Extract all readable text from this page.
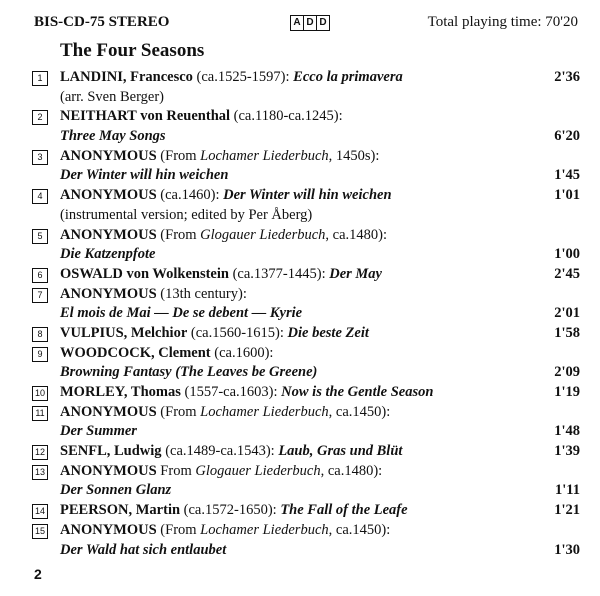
BIS-CD-75 STEREO	A D D	Total playing time: 70'20
The Four Seasons
1	LANDINI, Francesco (ca.1525-1597): Ecco la primavera	2'36
(arr. Sven Berger)
2	NEITHART von Reuenthal (ca.1180-ca.1245):
Three May Songs	6'20
3	ANONYMOUS (From Lochamer Liederbuch, 1450s):
Der Winter will hin weichen	1'45
4	ANONYMOUS (ca.1460): Der Winter will hin weichen	1'01
(instrumental version; edited by Per Åberg)
5	ANONYMOUS (From Glogauer Liederbuch, ca.1480):
Die Katzenpfote	1'00
6	OSWALD von Wolkenstein (ca.1377-1445): Der May	2'45
7	ANONYMOUS (13th century):
El mois de Mai — De se debent — Kyrie	2'01
8	VULPIUS, Melchior (ca.1560-1615): Die beste Zeit	1'58
9	WOODCOCK, Clement (ca.1600):
Browning Fantasy (The Leaves be Greene)	2'09
10 MORLEY, Thomas (1557-ca.1603): Now is the Gentle Season	1'19
11 ANONYMOUS (From Lochamer Liederbuch, ca.1450):
Der Summer	1'48
12 SENFL, Ludwig (ca.1489-ca.1543): Laub, Gras und Blüt	1'39
13 ANONYMOUS From Glogauer Liederbuch, ca.1480):
Der Sonnen Glanz	1'11
14 PEERSON, Martin (ca.1572-1650): The Fall of the Leafe	1'21
15 ANONYMOUS (From Lochamer Liederbuch, ca.1450):
Der Wald hat sich entlaubet	1'30
2
